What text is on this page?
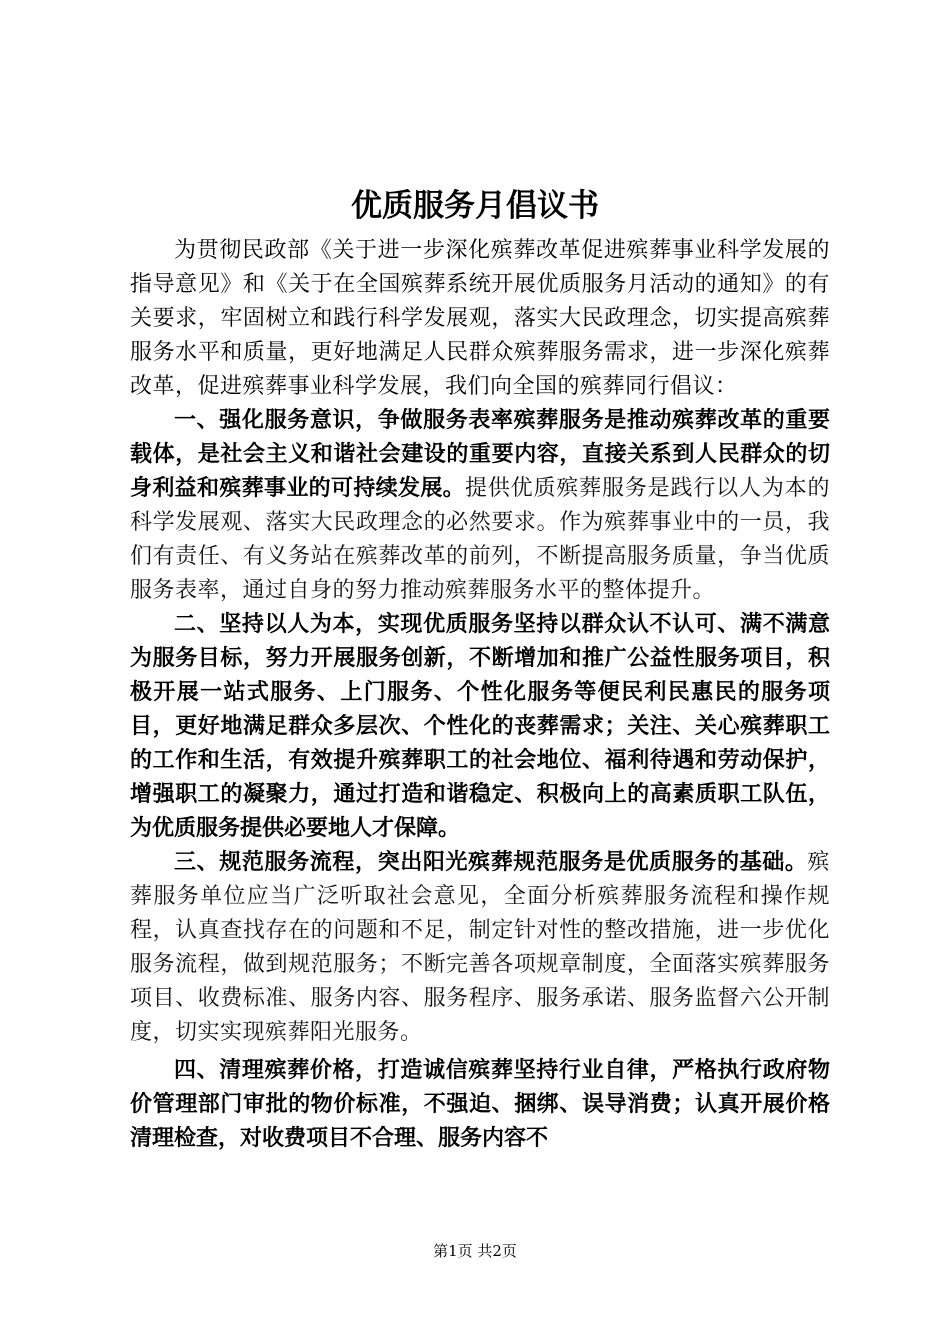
优质服务月倡议书

为贯彻民政部《关于进一步深化殡葬改革促进殡葬事业科学发展的指导意见》和《关于在全国殡葬系统开展优质服务月活动的通知》的有关要求，牢固树立和践行科学发展观，落实大民政理念，切实提高殡葬服务水平和质量，更好地满足人民群众殡葬服务需求，进一步深化殡葬改革，促进殡葬事业科学发展，我们向全国的殡葬同行倡议：

一、强化服务意识，争做服务表率殡葬服务是推动殡葬改革的重要载体，是社会主义和谐社会建设的重要内容，直接关系到人民群众的切身利益和殡葬事业的可持续发展。提供优质殡葬服务是践行以人为本的科学发展观、落实大民政理念的必然要求。作为殡葬事业中的一员，我们有责任、有义务站在殡葬改革的前列，不断提高服务质量，争当优质服务表率，通过自身的努力推动殡葬服务水平的整体提升。

二、坚持以人为本，实现优质服务坚持以群众认不认可、满不满意为服务目标，努力开展服务创新，不断增加和推广公益性服务项目，积极开展一站式服务、上门服务、个性化服务等便民利民惠民的服务项目，更好地满足群众多层次、个性化的丧葬需求；关注、关心殡葬职工的工作和生活，有效提升殡葬职工的社会地位、福利待遇和劳动保护，增强职工的凝聚力，通过打造和谐稳定、积极向上的高素质职工队伍，为优质服务提供必要地人才保障。

三、规范服务流程，突出阳光殡葬规范服务是优质服务的基础。殡葬服务单位应当广泛听取社会意见，全面分析殡葬服务流程和操作规程，认真查找存在的问题和不足，制定针对性的整改措施，进一步优化服务流程，做到规范服务；不断完善各项规章制度，全面落实殡葬服务项目、收费标准、服务内容、服务程序、服务承诺、服务监督六公开制度，切实实现殡葬阳光服务。

四、清理殡葬价格，打造诚信殡葬坚持行业自律，严格执行政府物价管理部门审批的物价标准，不强迫、捆绑、误导消费；认真开展价格清理检查，对收费项目不合理、服务内容不

第1页 共2页
